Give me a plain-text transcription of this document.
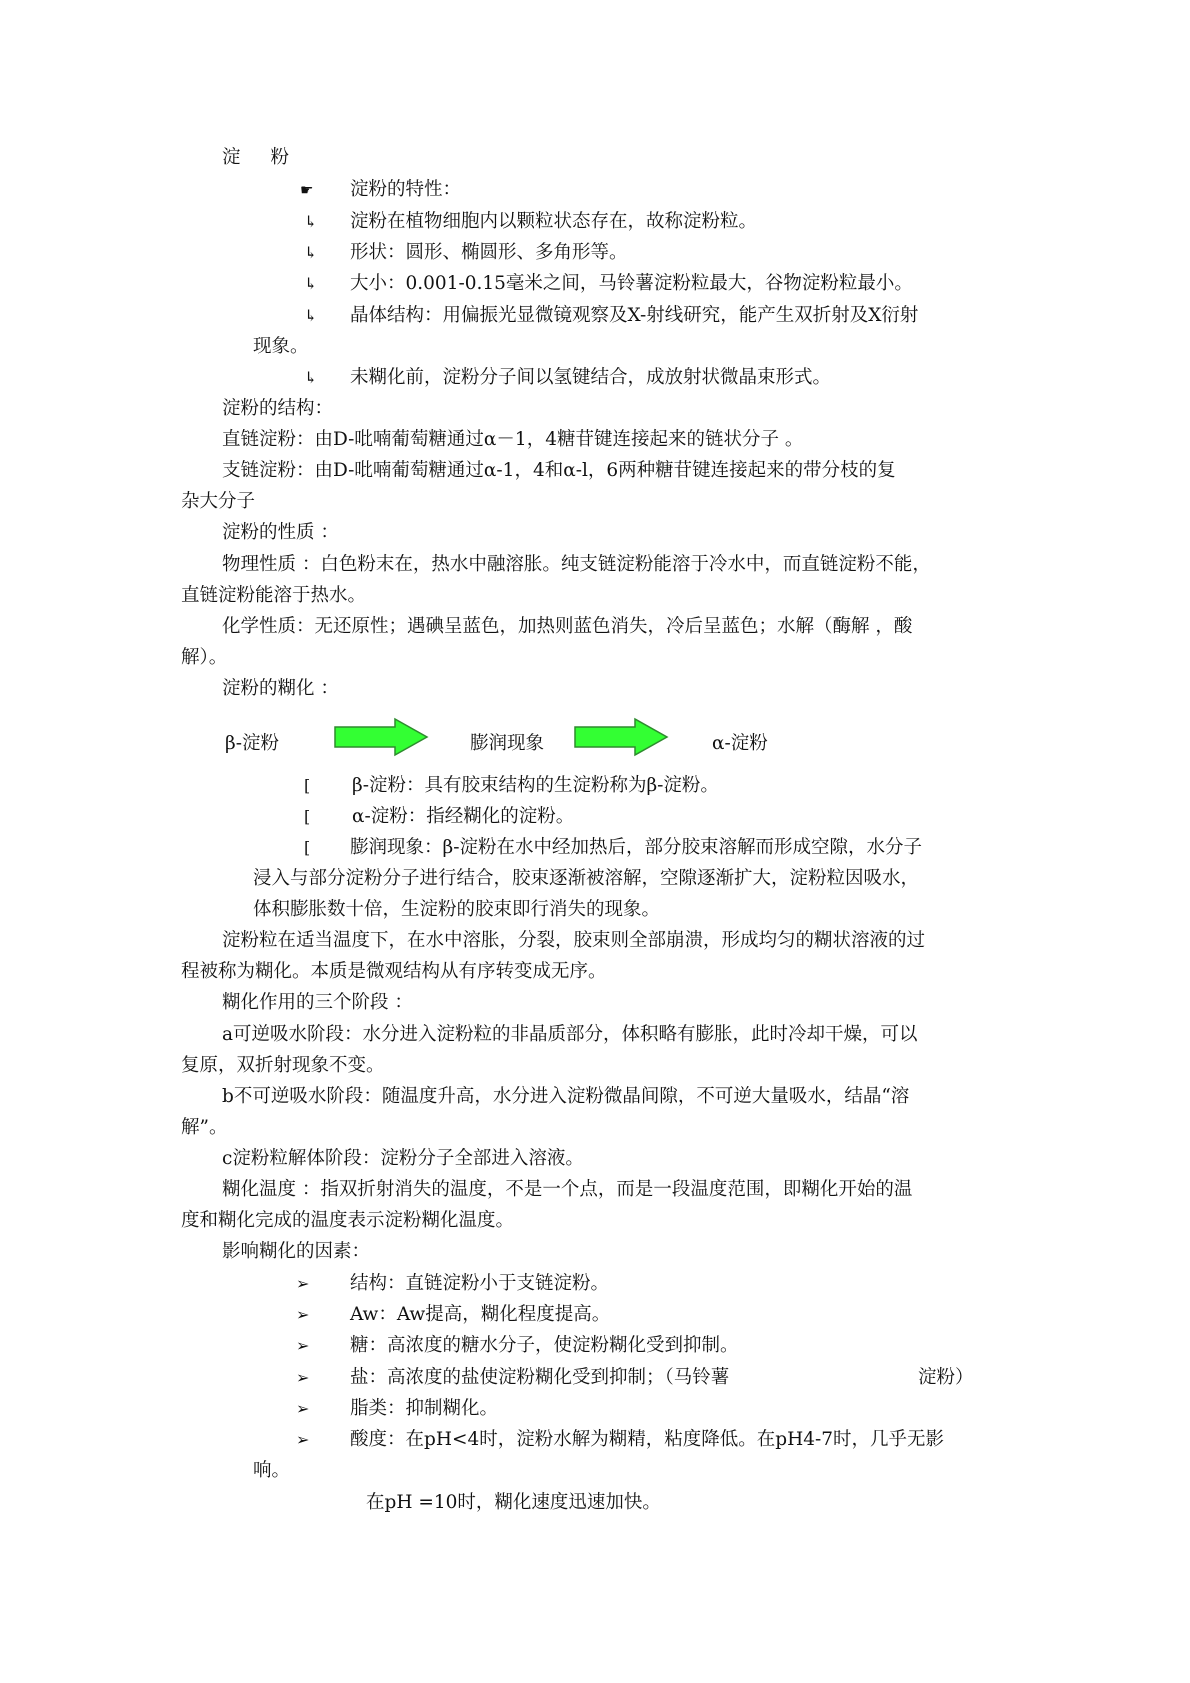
淀 粉
☛ 淀粉的特性：
↳ 淀粉在植物细胞内以颗粒状态存在，故称淀粉粒。
↳ 形状：圆形、椭圆形、多角形等。
↳ 大小：0.001-0.15毫米之间，马铃薯淀粉粒最大，谷物淀粉粒最小。
↳ 晶体结构：用偏振光显微镜观察及X-射线研究，能产生双折射及X衍射
现象。
↳ 未糊化前，淀粉分子间以氢键结合，成放射状微晶束形式。
淀粉的结构：
直链淀粉：由D-吡喃葡萄糖通过α－1，4糖苷键连接起来的链状分子 。
支链淀粉：由D-吡喃葡萄糖通过α-1，4和α-l，6两种糖苷键连接起来的带分枝的复
杂大分子
淀粉的性质 ：
物理性质 ：白色粉末在，热水中融溶胀。纯支链淀粉能溶于冷水中，而直链淀粉不能，
直链淀粉能溶于热水。
化学性质：无还原性；遇碘呈蓝色，加热则蓝色消失，冷后呈蓝色；水解（酶解 ，酸
解）。
淀粉的糊化 ：
β-淀粉	膨润现象	α-淀粉
[ β-淀粉：具有胶束结构的生淀粉称为β-淀粉。
[ α-淀粉：指经糊化的淀粉。
[ 膨润现象：β-淀粉在水中经加热后，部分胶束溶解而形成空隙，水分子
浸入与部分淀粉分子进行结合，胶束逐渐被溶解，空隙逐渐扩大，淀粉粒因吸水，
体积膨胀数十倍，生淀粉的胶束即行消失的现象。
淀粉粒在适当温度下，在水中溶胀，分裂，胶束则全部崩溃，形成均匀的糊状溶液的过
程被称为糊化。本质是微观结构从有序转变成无序。
糊化作用的三个阶段 ：
a可逆吸水阶段：水分进入淀粉粒的非晶质部分，体积略有膨胀，此时冷却干燥，可以
复原，双折射现象不变。
b不可逆吸水阶段：随温度升高，水分进入淀粉微晶间隙，不可逆大量吸水，结晶“溶
解”。
c淀粉粒解体阶段：淀粉分子全部进入溶液。
糊化温度 ：指双折射消失的温度，不是一个点，而是一段温度范围，即糊化开始的温
度和糊化完成的温度表示淀粉糊化温度。
影响糊化的因素：
➢ 结构：直链淀粉小于支链淀粉。
➢ Aw：Aw提高，糊化程度提高。
➢ 糖：高浓度的糖水分子，使淀粉糊化受到抑制。
➢ 盐：高浓度的盐使淀粉糊化受到抑制；（马铃薯	淀粉）
➢ 脂类：抑制糊化。
➢ 酸度：在pH<4时，淀粉水解为糊精，粘度降低。在pH4-7时，几乎无影
响。
在pH =10时，糊化速度迅速加快。
